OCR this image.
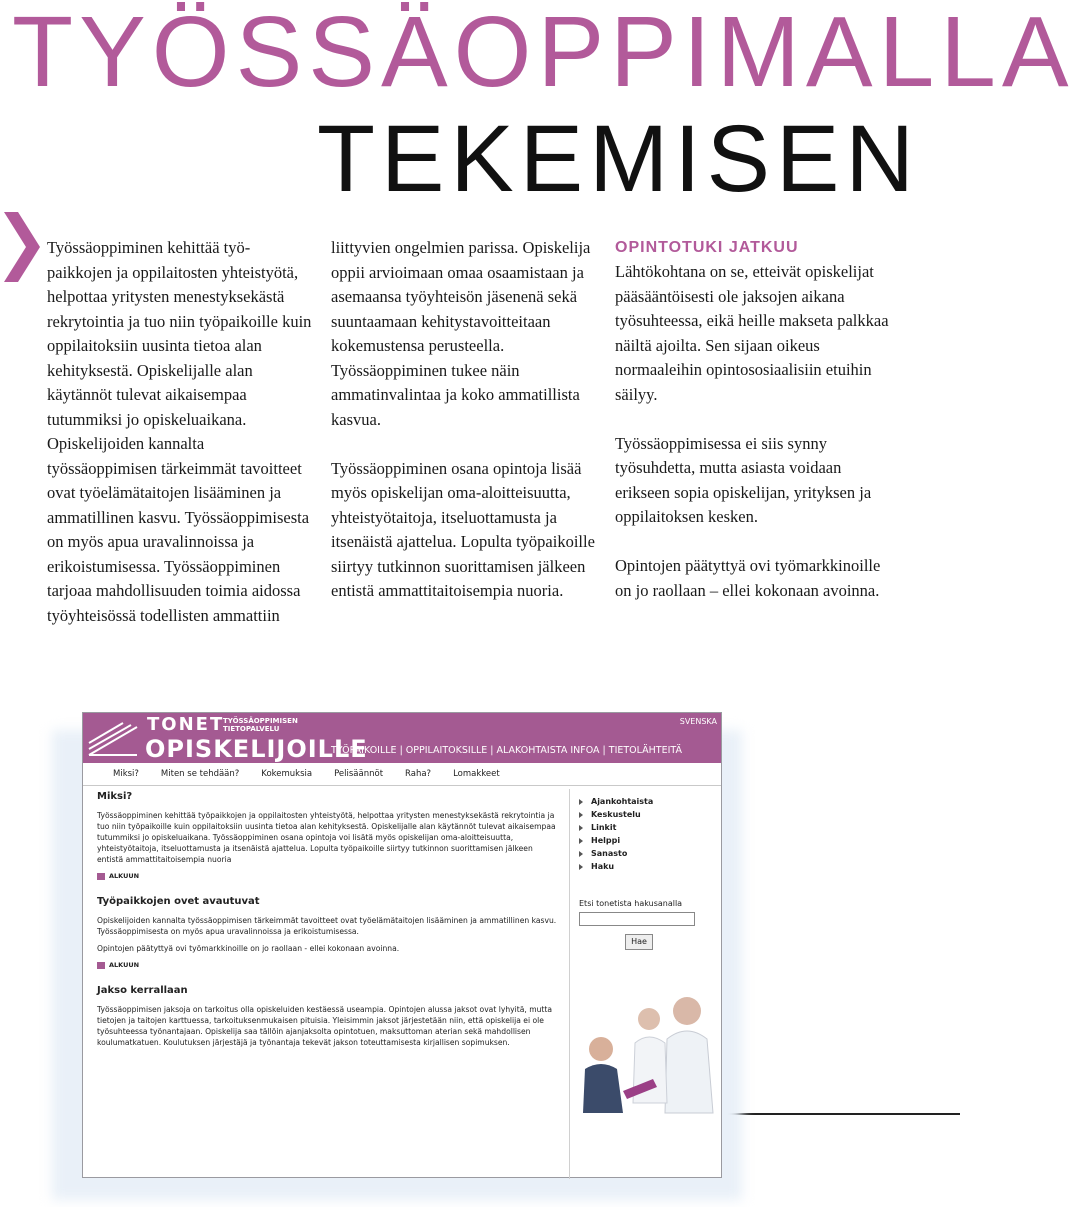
TYÖSSÄOPPIMALLA
TEKEMISEN

Työssäoppiminen kehittää työ-paikkojen ja oppilaitosten yhteistyötä, helpottaa yritysten menestyksekästä rekrytointia ja tuo niin työpaikoille kuin oppilaitoksiin uusinta tietoa alan kehityksestä. Opiskelijalle alan käytännöt tulevat aikaisempaa tutummiksi jo opiskeluaikana. Opiskelijoiden kannalta työssäoppimisen tärkeimmät tavoitteet ovat työelämätaitojen lisääminen ja ammatillinen kasvu. Työssäoppimisesta on myös apua uravalinnoissa ja erikoistumisessa. Työssäoppiminen tarjoaa mahdollisuuden toimia aidossa työyhteisössä todellisten ammattiin

liittyvien ongelmien parissa. Opiskelija oppii arvioimaan omaa osaamistaan ja asemaansa työyhteisön jäsenenä sekä suuntaamaan kehitystavoitteitaan kokemustensa perusteella. Työssäoppiminen tukee näin ammatinvalintaa ja koko ammatillista kasvua.

Työssäoppiminen osana opintoja lisää myös opiskelijan oma-aloitteisuutta, yhteistyötaitoja, itseluottamusta ja itsenäistä ajattelua. Lopulta työpaikoille siirtyy tutkinnon suorittamisen jälkeen entistä ammattitaitoisempia nuoria.

OPINTOTUKI JATKUU

Lähtökohtana on se, etteivät opiskelijat pääsääntöisesti ole jaksojen aikana työsuhteessa, eikä heille makseta palkkaa näiltä ajoilta. Sen sijaan oikeus normaaleihin opintososiaalisiin etuihin säilyy.

Työssäoppimisessa ei siis synny työsuhdetta, mutta asiasta voidaan erikseen sopia opiskelijan, yrityksen ja oppilaitoksen kesken.

Opintojen päätyttyä ovi työmarkkinoille on jo raollaan – ellei kokonaan avoinna.

TONET
TYÖSSÄOPPIMISEN
TIETOPALVELU
OPISKELIJOILLE
SVENSKA
TYÖPAIKOILLE | OPPILAITOKSILLE | ALAKOHTAISTA INFOA | TIETOLÄHTEITÄ
Miksi?	Miten se tehdään?	Kokemuksia	Pelisäännöt	Raha?	Lomakkeet
Miksi?

Työssäoppiminen kehittää työpaikkojen ja oppilaitosten yhteistyötä, helpottaa yritysten menestyksekästä rekrytointia ja tuo niin työpaikoille kuin oppilaitoksiin uusinta tietoa alan kehityksestä. Opiskelijalle alan käytännöt tulevat aikaisempaa tutummiksi jo opiskeluaikana. Työssäoppiminen osana opintoja voi lisätä myös opiskelijan oma-aloitteisuutta, yhteistyötaitoja, itseluottamusta ja itsenäistä ajattelua. Lopulta työpaikoille siirtyy tutkinnon suorittamisen jälkeen entistä ammattitaitoisempia nuoria

ALKUUN
Työpaikkojen ovet avautuvat

Opiskelijoiden kannalta työssäoppimisen tärkeimmät tavoitteet ovat työelämätaitojen lisääminen ja ammatillinen kasvu. Työssäoppimisesta on myös apua uravalinnoissa ja erikoistumisessa.

Opintojen päätyttyä ovi työmarkkinoille on jo raollaan - ellei kokonaan avoinna.

ALKUUN
Jakso kerrallaan

Työssäoppimisen jaksoja on tarkoitus olla opiskeluiden kestäessä useampia. Opintojen alussa jaksot ovat lyhyitä, mutta tietojen ja taitojen karttuessa, tarkoituksenmukaisen pituisia. Yleisimmin jaksot järjestetään niin, että opiskelija ei ole työsuhteessa työnantajaan. Opiskelija saa tällöin ajanjaksolta opintotuen, maksuttoman aterian sekä mahdollisen koulumatkatuen. Koulutuksen järjestäjä ja työnantaja tekevät jakson toteuttamisesta kirjallisen sopimuksen.

Ajankohtaista
Keskustelu
Linkit
Helppi
Sanasto
Haku
Etsi tonetista hakusanalla
Hae
